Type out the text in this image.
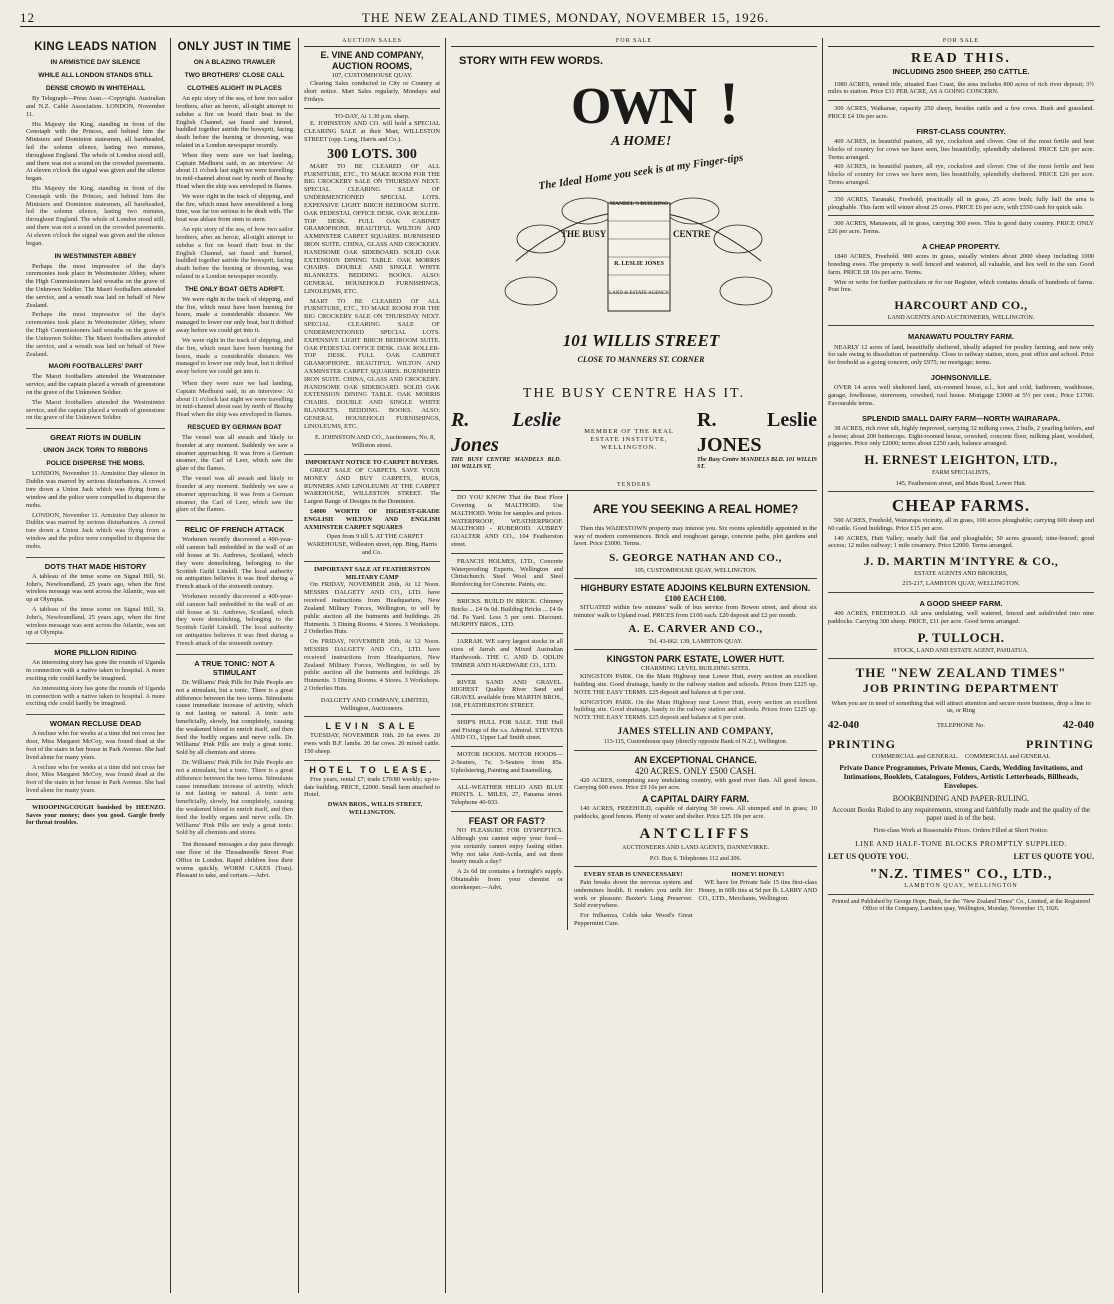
12	THE NEW ZEALAND TIMES, MONDAY, NOVEMBER 15, 1926.

KING LEADS NATION
IN ARMISTICE DAY SILENCE
WHILE ALL LONDON STANDS STILL
DENSE CROWD IN WHITEHALL

By Telegraph—Press Assn.—Copyright. Australian and N.Z. Cable Association. LONDON, November 11.

His Majesty the King, standing in front of the Cenotaph with the Princes, and behind him the Ministers and Dominion statesmen, all bareheaded, led the solemn silence, lasting two minutes, throughout England. The whole of London stood still, and there was not a sound on the crowded pavements. At eleven o'clock the signal was given and the silence began.

His Majesty the King, standing in front of the Cenotaph with the Princes, and behind him the Ministers and Dominion statesmen, all bareheaded, led the solemn silence, lasting two minutes, throughout England. The whole of London stood still, and there was not a sound on the crowded pavements. At eleven o'clock the signal was given and the silence began.
IN WESTMINSTER ABBEY

Perhaps the most impressive of the day's ceremonies took place in Westminster Abbey, where the High Commissioners laid wreaths on the grave of the Unknown Soldier. The Maori footballers attended the service, and a wreath was laid on behalf of New Zealand.

Perhaps the most impressive of the day's ceremonies took place in Westminster Abbey, where the High Commissioners laid wreaths on the grave of the Unknown Soldier. The Maori footballers attended the service, and a wreath was laid on behalf of New Zealand.
MAORI FOOTBALLERS' PART

The Maori footballers attended the Westminster service, and the captain placed a wreath of greenstone on the grave of the Unknown Soldier.

The Maori footballers attended the Westminster service, and the captain placed a wreath of greenstone on the grave of the Unknown Soldier.
GREAT RIOTS IN DUBLIN
UNION JACK TORN TO RIBBONS
POLICE DISPERSE THE MOBS.

LONDON, November 11. Armistice Day silence in Dublin was marred by serious disturbances. A crowd tore down a Union Jack which was flying from a window and the police were compelled to disperse the mobs.

LONDON, November 11. Armistice Day silence in Dublin was marred by serious disturbances. A crowd tore down a Union Jack which was flying from a window and the police were compelled to disperse the mobs.
DOTS THAT MADE HISTORY

A tableau of the tense scene on Signal Hill, St. John's, Newfoundland, 25 years ago, when the first wireless message was sent across the Atlantic, was set up at Olympia.

A tableau of the tense scene on Signal Hill, St. John's, Newfoundland, 25 years ago, when the first wireless message was sent across the Atlantic, was set up at Olympia.
MORE PILLION RIDING

An interesting story has gone the rounds of Uganda in connection with a native taken to hospital. A more exciting ride could hardly be imagined.

An interesting story has gone the rounds of Uganda in connection with a native taken to hospital. A more exciting ride could hardly be imagined.
WOMAN RECLUSE DEAD

A recluse who for weeks at a time did not cross her door, Miss Margaret McCoy, was found dead at the foot of the stairs in her house in Park Avenue. She had lived alone for many years.

A recluse who for weeks at a time did not cross her door, Miss Margaret McCoy, was found dead at the foot of the stairs in her house in Park Avenue. She had lived alone for many years.

WHOOPINGCOUGH banished by HEENZO. Saves your money; does you good. Gargle freely for throat troubles.

ONLY JUST IN TIME
ON A BLAZING TRAWLER
TWO BROTHERS' CLOSE CALL
CLOTHES ALIGHT IN PLACES

An epic story of the sea, of how two sailor brothers, after an heroic, all-night attempt to subdue a fire on board their boat in the English Channel, sat fused and burned, huddled together astride the bowsprit, facing death before the burning or drowning, was related in a London newspaper recently.

When they were sure we had landing, Captain Medhurst said, in an interview: At about 11 o'clock last night we were travelling in mid-channel about east by north of Beachy Head when the ship was enveloped in flames.

We were right in the track of shipping, and the fire, which must have smouldered a long time, was far too serious to be dealt with. The boat was ablaze from stem to stern.

An epic story of the sea, of how two sailor brothers, after an heroic, all-night attempt to subdue a fire on board their boat in the English Channel, sat fused and burned, huddled together astride the bowsprit, facing death before the burning or drowning, was related in a London newspaper recently.
THE ONLY BOAT GETS ADRIFT.

We were right in the track of shipping, and the fire, which must have been burning for hours, made a considerable distance. We managed to lower our only boat, but it drifted away before we could get into it.

We were right in the track of shipping, and the fire, which must have been burning for hours, made a considerable distance. We managed to lower our only boat, but it drifted away before we could get into it.
When they were sure we had landing, Captain Medhurst said, in an interview: At about 11 o'clock last night we were travelling in mid-channel about east by north of Beachy Head when the ship was enveloped in flames.
RESCUED BY GERMAN BOAT

The vessel was all awash and likely to founder at any moment. Suddenly we saw a steamer approaching. It was from a German steamer, the Carl of Leer, which saw the glare of the flames.

The vessel was all awash and likely to founder at any moment. Suddenly we saw a steamer approaching. It was from a German steamer, the Carl of Leer, which saw the glare of the flames.
RELIC OF FRENCH ATTACK

Workmen recently discovered a 400-year-old cannon ball embedded in the wall of an old house at St. Andrews, Scotland, which they were demolishing, belonging to the Scottish Guild Linskill. The local authority on antiquities believes it was fired during a French attack of the sixteenth century.

Workmen recently discovered a 400-year-old cannon ball embedded in the wall of an old house at St. Andrews, Scotland, which they were demolishing, belonging to the Scottish Guild Linskill. The local authority on antiquities believes it was fired during a French attack of the sixteenth century.
A TRUE TONIC: NOT A STIMULANT

Dr. Williams' Pink Pills for Pale People are not a stimulant, but a tonic. There is a great difference between the two terms. Stimulants cause immediate increase of activity, which is not lasting or natural. A tonic acts beneficially, slowly, but completely, causing the weakened blood to enrich itself, and then feed the bodily organs and nerve cells. Dr. Williams' Pink Pills are truly a great tonic. Sold by all chemists and stores.

Dr. Williams' Pink Pills for Pale People are not a stimulant, but a tonic. There is a great difference between the two terms. Stimulants cause immediate increase of activity, which is not lasting or natural. A tonic acts beneficially, slowly, but completely, causing the weakened blood to enrich itself, and then feed the bodily organs and nerve cells. Dr. Williams' Pink Pills are truly a great tonic. Sold by all chemists and stores.

Ten thousand messages a day pass through one floor of the Threadneedle Street Post Office in London. Rapid children lose their worms quickly. WORM CAKES (Tom). Pleasant to take, and certain.—Advt.

AUCTION SALES
E. VINE AND COMPANY, AUCTION ROOMS,
107, CUSTOMHOUSE QUAY.

Clearing Sales conducted in City or Country at short notice. Mart Sales regularly, Mondays and Fridays.

TO-DAY, At 1.30 p.m. sharp.

E. JOHNSTON AND CO. will hold a SPECIAL CLEARING SALE at their Mart, WILLESTON STREET (opp. Long, Harris and Co.).

300 LOTS. 300

MART TO BE CLEARED OF ALL FURNITURE, ETC., TO MAKE ROOM FOR THE BIG CROCKERY SALE ON THURSDAY NEXT. SPECIAL CLEARING SALE OF UNDERMENTIONED SPECIAL LOTS. EXPENSIVE LIGHT BIRCH BEDROOM SUITE. OAK PEDESTAL OFFICE DESK. OAK ROLLER-TOP DESK. FULL OAK CABINET GRAMOPHONE. BEAUTIFUL WILTON AND AXMINSTER CARPET SQUARES. BURNISHED IRON SUITE. CHINA, GLASS AND CROCKERY. HANDSOME OAK SIDEBOARD. SOLID OAK EXTENSION DINING TABLE. OAK MORRIS CHAIRS. DOUBLE AND SINGLE WHITE BLANKETS. BEDDING. BOOKS. ALSO: GENERAL HOUSEHOLD FURNISHINGS, LINOLEUMS, ETC.

MART TO BE CLEARED OF ALL FURNITURE, ETC., TO MAKE ROOM FOR THE BIG CROCKERY SALE ON THURSDAY NEXT. SPECIAL CLEARING SALE OF UNDERMENTIONED SPECIAL LOTS. EXPENSIVE LIGHT BIRCH BEDROOM SUITE. OAK PEDESTAL OFFICE DESK. OAK ROLLER-TOP DESK. FULL OAK CABINET GRAMOPHONE. BEAUTIFUL WILTON AND AXMINSTER CARPET SQUARES. BURNISHED IRON SUITE. CHINA, GLASS AND CROCKERY. HANDSOME OAK SIDEBOARD. SOLID OAK EXTENSION DINING TABLE. OAK MORRIS CHAIRS. DOUBLE AND SINGLE WHITE BLANKETS. BEDDING. BOOKS. ALSO: GENERAL HOUSEHOLD FURNISHINGS, LINOLEUMS, ETC.

E. JOHNSTON AND CO., Auctioneers, No. 8, Williston street.

IMPORTANT NOTICE TO CARPET BUYERS.

GREAT SALE OF CARPETS. SAVE YOUR MONEY AND BUY CARPETS, RUGS, RUNNERS AND LINOLEUMS AT THE CARPET WAREHOUSE, WILLESTON STREET. The Largest Range of Designs in the Dominion.

£4000 WORTH OF HIGHEST-GRADE ENGLISH WILTON AND ENGLISH AXMINSTER CARPET SQUARES

Open from 9 till 5. AT THE CARPET WAREHOUSE, Willeston street, opp. Bing, Harris and Co.

IMPORTANT SALE AT FEATHERSTON MILITARY CAMP

On FRIDAY, NOVEMBER 26th, At 12 Noon. MESSRS DALGETY AND CO., LTD. have received instructions from Headquarters, New Zealand Military Forces, Wellington, to sell by public auction all the hutments and buildings. 26 Hutments. 3 Dining Rooms. 4 Stores. 3 Workshops. 2 Orderlies Huts.

On FRIDAY, NOVEMBER 26th, At 12 Noon. MESSRS DALGETY AND CO., LTD. have received instructions from Headquarters, New Zealand Military Forces, Wellington, to sell by public auction all the hutments and buildings. 26 Hutments. 3 Dining Rooms. 4 Stores. 3 Workshops. 2 Orderlies Huts.

DALGETY AND COMPANY, LIMITED, Wellington, Auctioneers.

LEVIN SALE

TUESDAY, NOVEMBER 16th. 20 fat ewes. 20 ewes with B.F. lambs. 20 fat cows. 20 mixed cattle. 150 sheep.

HOTEL TO LEASE.

Five years, rental £7; trade £70/80 weekly; up-to-date building. PRICE, £2000. Small farm attached to Hotel.

DWAN BROS., WILLIS STREET, WELLINGTON.

FOR SALE
STORY WITH FEW WORDS.
OWN !
A HOME!
The Ideal Home you seek is at my Finger-tips
MANDEL'S BUILDING
THE BUSY	CENTRE
R. LESLIE JONES
LAND & ESTATE AGENCY
101 WILLIS STREET
CLOSE TO MANNERS ST. CORNER
THE BUSY CENTRE HAS IT.
R. Leslie Jones
THE BUSY CENTRE MANDELS BLD. 101 WILLIS ST.
MEMBER OF THE REAL ESTATE INSTITUTE, WELLINGTON.
R. Leslie JONES
The Busy Centre MANDELS BLD. 101 WILLIS ST.
TENDERS

DO YOU KNOW That the Best Floor Covering is MALTHOID. Use MALTHOID. Write for samples and prices. WATERPROOF, WEATHERPROOF. MALTHOID - RUBEROID. AUBREY GUALTER AND CO., 104 Featherston street.

FRANCIS HOLMES, LTD., Concrete Waterproofing Experts, Wellington and Christchurch. Steel Wool and Steel Reinforcing for Concrete. Paints, etc.

BRICKS. BUILD IN BRICK. Chimney Bricks ... £4 0s 0d. Building Bricks ... £4 0s 0d. Pa Yard. Less 5 per cent. Discount. MURPHY BROS., LTD.

JARRAH. WE carry largest stocks in all sizes of Jarrah and Mixed Australian Hardwoods. THE C. AND D. ODLIN TIMBER AND HARDWARE CO., LTD.

RIVER SAND AND GRAVEL. HIGHEST Quality River Sand and GRAVEL available from MARTIN BROS., 168, FEATHERSTON STREET.

SHIP'S HULL FOR SALE. THE Hull and Fixings of the s.s. Admiral. STEVENS AND CO., Upper Lad Smith street.

MOTOR HOODS. MOTOR HOODS—2-Seaters, 7s; 5-Seaters from 85s. Upholstering, Painting and Enamelling.

ALL-WEATHER HELIO AND BLUE PRINTS. L. MILES, 27, Panama street. Telephone 40-933.

FEAST OR FAST?

NO PLEASURE FOR DYSPEPTICS. Although you cannot enjoy your food—you certainly cannot enjoy fasting either. Why not take Anti-Acida, and eat three hearty meals a day?

A 2s 6d tin contains a fortnight's supply. Obtainable from your chemist or storekeeper.—Advt.

ARE YOU SEEKING A REAL HOME?

Then this WADESTOWN property may interest you. Six rooms splendidly appointed in the way of modern conveniences. Brick and roughcast garage, concrete paths, plot gardens and lawn. Price £3000. Terms.

S. GEORGE NATHAN AND CO.,
105, CUSTOMHOUSE QUAY, WELLINGTON.
HIGHBURY ESTATE ADJOINS KELBURN EXTENSION.
£100 EACH £100.

SITUATED within few minutes' walk of bus service from Bowen street, and about six minutes' walk to Upland road. PRICES from £100 each. £20 deposit and £2 per month.

A. E. CARVER AND CO.,
Tel. 43-662. 139, LAMBTON QUAY.
KINGSTON PARK ESTATE, LOWER HUTT.
CHARMING LEVEL BUILDING SITES.

KINGSTON PARK. On the Main Highway near Lower Hutt, every section an excellent building site. Good drainage, handy to the railway station and schools. Prices from £225 up. NOTE THE EASY TERMS. £25 deposit and balance at 6 per cent.

KINGSTON PARK. On the Main Highway near Lower Hutt, every section an excellent building site. Good drainage, handy to the railway station and schools. Prices from £225 up. NOTE THE EASY TERMS. £25 deposit and balance at 6 per cent.
JAMES STELLIN AND COMPANY,
113-115, Customhouse quay (directly opposite Bank of N.Z.), Wellington.
AN EXCEPTIONAL CHANCE.
420 ACRES. ONLY £500 CASH.

420 ACRES, comprising easy undulating country, with good river flats. All good fences. Carrying 600 ewes. Price £9 10s per acre.

A CAPITAL DAIRY FARM.

140 ACRES, FREEHOLD, capable of dairying 50 cows. All stumped and in grass; 10 paddocks, good fences. Plenty of water and shelter. Price £25 10s per acre.

ANTCLIFFS
AUCTIONEERS AND LAND AGENTS, DANNEVIRKE.
P.O. Box 6. Telephones 112 and 206.
EVERY STAB IS UNNECESSARY!

Pain breaks down the nervous system and undermines health. It renders you unfit for work or pleasure. Baxter's Lung Preserver. Sold everywhere.

For Influenza, Colds take Wood's Great Peppermint Cure.

HONEY! HONEY!

WE have for Private Sale 15 tins first-class Honey, in 60lb tins at 5d per lb. LARRY AND CO., LTD., Merchants, Wellington.

FOR SALE
READ THIS.
INCLUDING 2500 SHEEP, 250 CATTLE.

1080 ACRES, rented title, situated East Coast, the area includes 800 acres of rich river deposit; 3½ miles to station. Price £31 PER ACRE, AS A GOING CONCERN.

300 ACRES, Waikanae, capacity 250 sheep, besides cattle and a few cows. Bush and grassland. PRICE £4 10s per acre.

FIRST-CLASS COUNTRY.

469 ACRES, in beautiful pasture, all rye, cocksfoot and clover. One of the most fertile and best blocks of country for cows we have seen, lies beautifully, splendidly sheltered. PRICE £26 per acre. Terms arranged.

469 ACRES, in beautiful pasture, all rye, cocksfoot and clover. One of the most fertile and best blocks of country for cows we have seen, lies beautifully, splendidly sheltered. PRICE £26 per acre. Terms arranged.

350 ACRES, Taranaki, Freehold, practically all in grass, 25 acres bush; fully half the area is ploughable. This farm will winter about 25 cows. PRICE £6 per acre, with £550 cash for quick sale.

300 ACRES, Manawatu, all in grass, carrying 300 ewes. This is good dairy country. PRICE ONLY £26 per acre. Terms.

A CHEAP PROPERTY.

1840 ACRES, Freehold. 900 acres in grass, usually winters about 2000 sheep including 1000 breeding ewes. The property is well fenced and watered, all valuable, and lies well to the sun. Good farm. PRICE £8 10s per acre. Terms.

Wire or write for further particulars or for our Register, which contains details of hundreds of farms. Post free.

HARCOURT AND CO.,
LAND AGENTS AND AUCTIONEERS, WELLINGTON.
MANAWATU POULTRY FARM.

NEARLY 12 acres of land, beautifully sheltered, ideally adapted for poultry farming, and now only for sale owing to dissolution of partnership. Close to railway station, store, post office and school. Price for freehold as a going concern, only £975; no mortgage; terms.

JOHNSONVILLE.

OVER 14 acres well sheltered land, six-roomed house, e.l., hot and cold, bathroom, washhouse, garage, fowlhouse, storeroom, cowshed, tool house. Mortgage £3000 at 5½ per cent.; Price £1700. Favourable terms.

SPLENDID SMALL DAIRY FARM—NORTH WAIRARAPA.

38 ACRES, rich river silt, highly improved, carrying 32 milking cows, 2 bulls, 2 yearling heifers, and a horse; about 200 buttercups. Eight-roomed house, cowshed, concrete floor, milking plant, woolshed, piggeries. Price only £2000; terms about £250 cash, balance arranged.

H. ERNEST LEIGHTON, LTD.,
FARM SPECIALISTS,
145, Featherston street, and Main Road, Lower Hutt.
CHEAP FARMS.

500 ACRES, Freehold, Wairarapa vicinity, all in grass, 100 acres ploughable; carrying 600 sheep and 60 cattle. Good buildings. Price £15 per acre.

140 ACRES, Hutt Valley; nearly half flat and ploughable; 50 acres grassed; nine-fenced; good access; 12 miles railway; 1 mile creamery. Price £2000. Terms arranged.

J. D. MARTIN M'INTYRE & CO.,
ESTATE AGENTS AND BROKERS,
215-217, LAMBTON QUAY, WELLINGTON.
A GOOD SHEEP FARM.

400 ACRES, FREEHOLD. All area undulating, well watered, fenced and subdivided into nine paddocks. Carrying 300 sheep. PRICE, £11 per acre. Good terms arranged.

P. TULLOCH.
STOCK, LAND AND ESTATE AGENT, PAHIATUA.
THE "NEW ZEALAND TIMES"
JOB PRINTING DEPARTMENT

When you are in need of something that will attract attention and secure more business, drop a line to us, or Ring

42-040	TELEPHONE No.	42-040
PRINTING	PRINTING
COMMERCIAL and GENERAL.    COMMERCIAL and GENERAL

Private Dance Programmes, Private Menus, Cards, Wedding Invitations, and Intimations, Booklets, Catalogues, Folders, Artistic Letterheads, Billheads, Envelopes.

BOOKBINDING AND PAPER-RULING.

Account Books Ruled to any requirements, strong and faithfully made and the quality of the paper used is of the best.

First-class Work at Reasonable Prices. Orders Filled at Short Notice.
LINE AND HALF-TONE BLOCKS PROMPTLY SUPPLIED.
LET US QUOTE YOU.	LET US QUOTE YOU.
"N.Z. TIMES" CO., LTD.,
LAMBTON QUAY, WELLINGTON

Printed and Published by George Hope, Bush, for the "New Zealand Times" Co., Limited, at the Registered Office of the Company, Lambton quay, Wellington, Monday, November 15, 1926.
